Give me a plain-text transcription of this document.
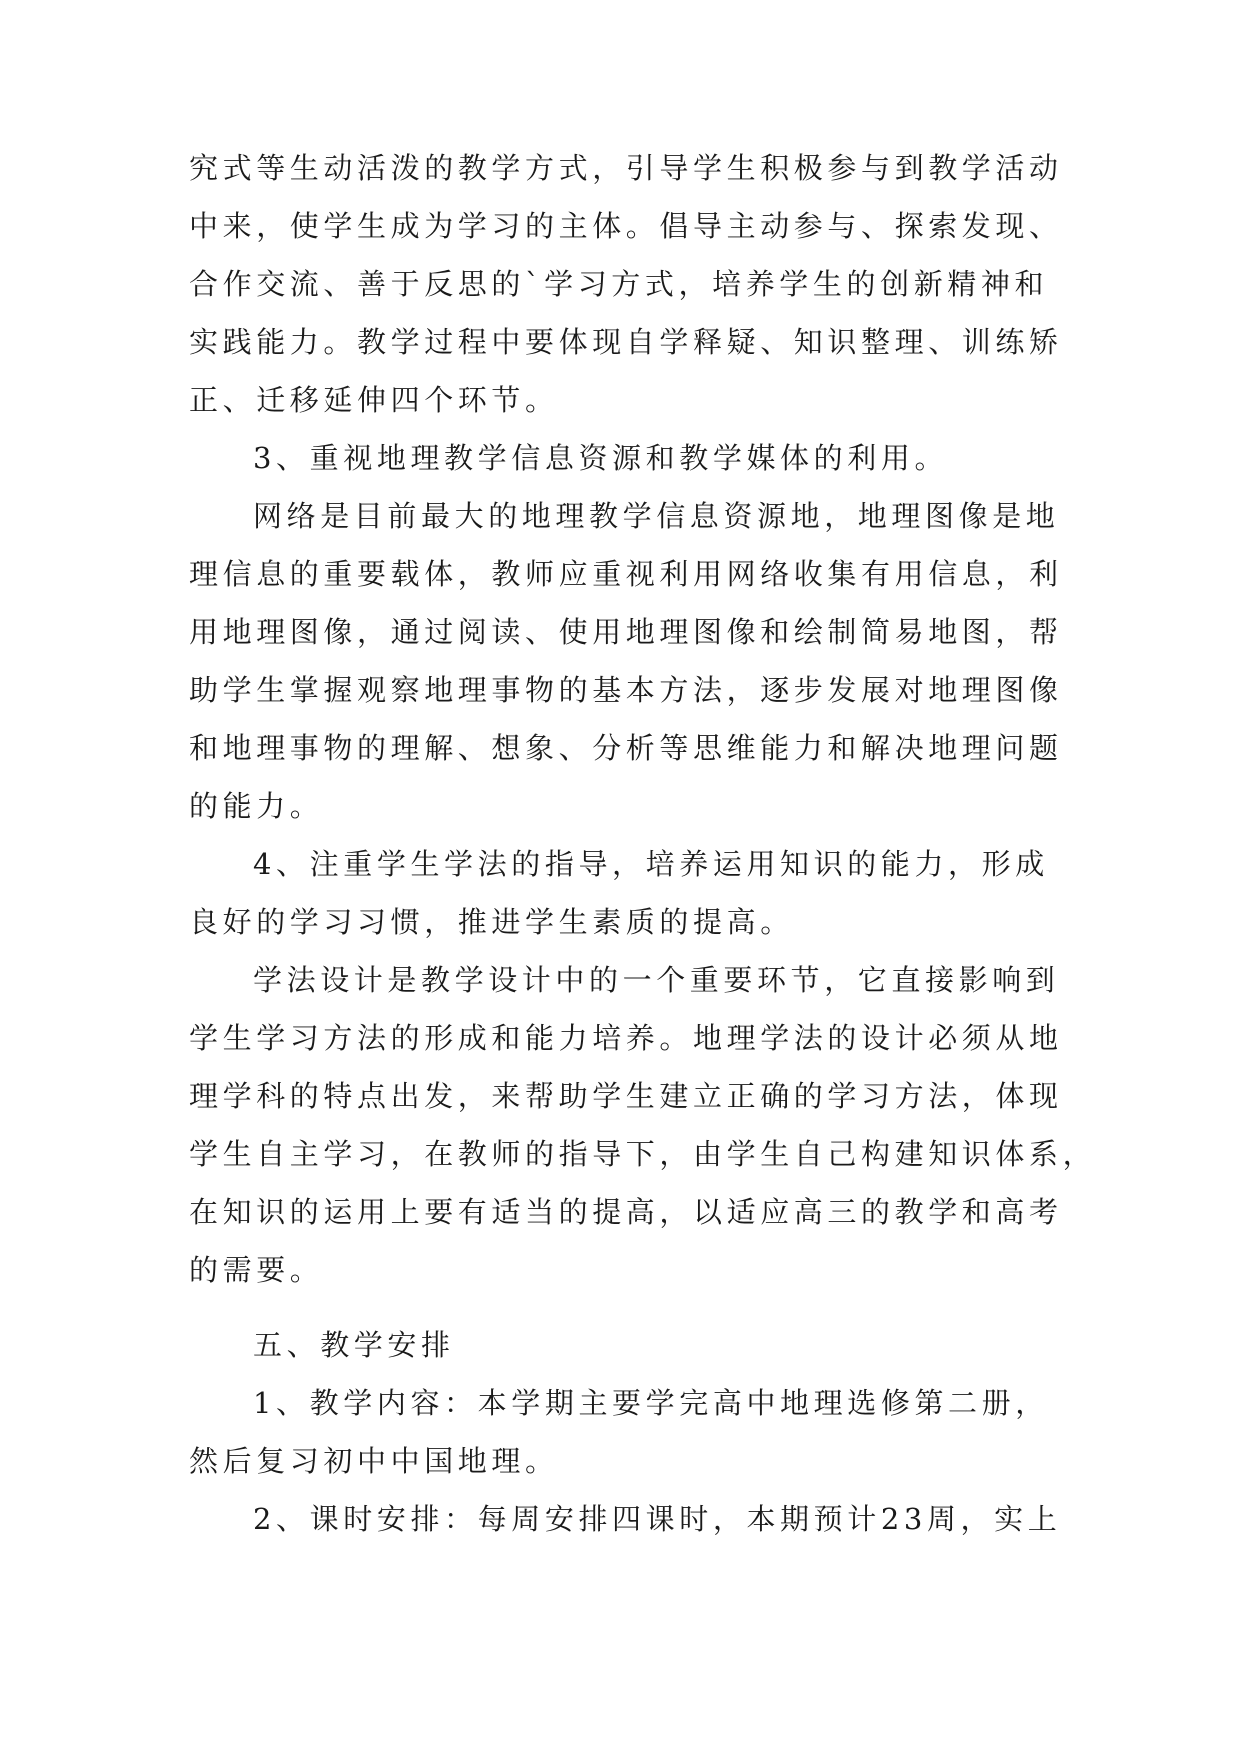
究式等生动活泼的教学方式，引导学生积极参与到教学活动
中来，使学生成为学习的主体。倡导主动参与、探索发现、
合作交流、善于反思的`学习方式，培养学生的创新精神和
实践能力。教学过程中要体现自学释疑、知识整理、训练矫
正、迁移延伸四个环节。
3、重视地理教学信息资源和教学媒体的利用。
网络是目前最大的地理教学信息资源地，地理图像是地
理信息的重要载体，教师应重视利用网络收集有用信息，利
用地理图像，通过阅读、使用地理图像和绘制简易地图，帮
助学生掌握观察地理事物的基本方法，逐步发展对地理图像
和地理事物的理解、想象、分析等思维能力和解决地理问题
的能力。
4、注重学生学法的指导，培养运用知识的能力，形成
良好的学习习惯，推进学生素质的提高。
学法设计是教学设计中的一个重要环节，它直接影响到
学生学习方法的形成和能力培养。地理学法的设计必须从地
理学科的特点出发，来帮助学生建立正确的学习方法，体现
学生自主学习，在教师的指导下，由学生自己构建知识体系，
在知识的运用上要有适当的提高，以适应高三的教学和高考
的需要。
五、教学安排
1、教学内容：本学期主要学完高中地理选修第二册，
然后复习初中中国地理。
2、课时安排：每周安排四课时，本期预计23周，实上
